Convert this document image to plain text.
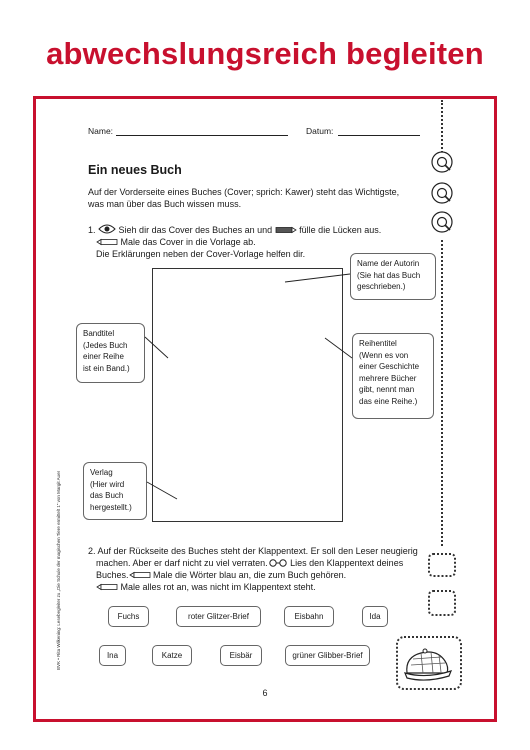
abwechslungsreich begleiten
Name:	Datum:
Ein neues Buch
Auf der Vorderseite eines Buches (Cover; sprich: Kawer) steht das Wichtigste,
was man über das Buch wissen muss.
1.	Sieh dir das Cover des Buches an und	fülle die Lücken aus.
Male das Cover in die Vorlage ab.
Die Erklärungen neben der Cover-Vorlage helfen dir.
Name der Autorin
(Sie hat das Buch
geschrieben.)
Bandtitel
(Jedes Buch
einer Reihe
ist ein Band.)
Reihentitel
(Wenn es von
einer Geschichte
mehrere Bücher
gibt, nennt man
das eine Reihe.)
Verlag
(Hier wird
das Buch
hergestellt.)
BVK • Rita Wilkening: Lesebegleiter zu „Die Schule der magischen Tiere ermittelt 1“ von Margit Auer	2. Auf der Rückseite des Buches steht der Klappentext. Er soll den Leser neugierig
machen. Aber er darf nicht zu viel verraten.	Lies den Klappentext deines
Buches.	Male die Wörter blau an, die zum Buch gehören.
Male alles rot an, was nicht im Klappentext steht.
Fuchs	roter Glitzer-Brief	Eisbahn	Ida
Ina	Katze	Eisbär	grüner Glibber-Brief
6
